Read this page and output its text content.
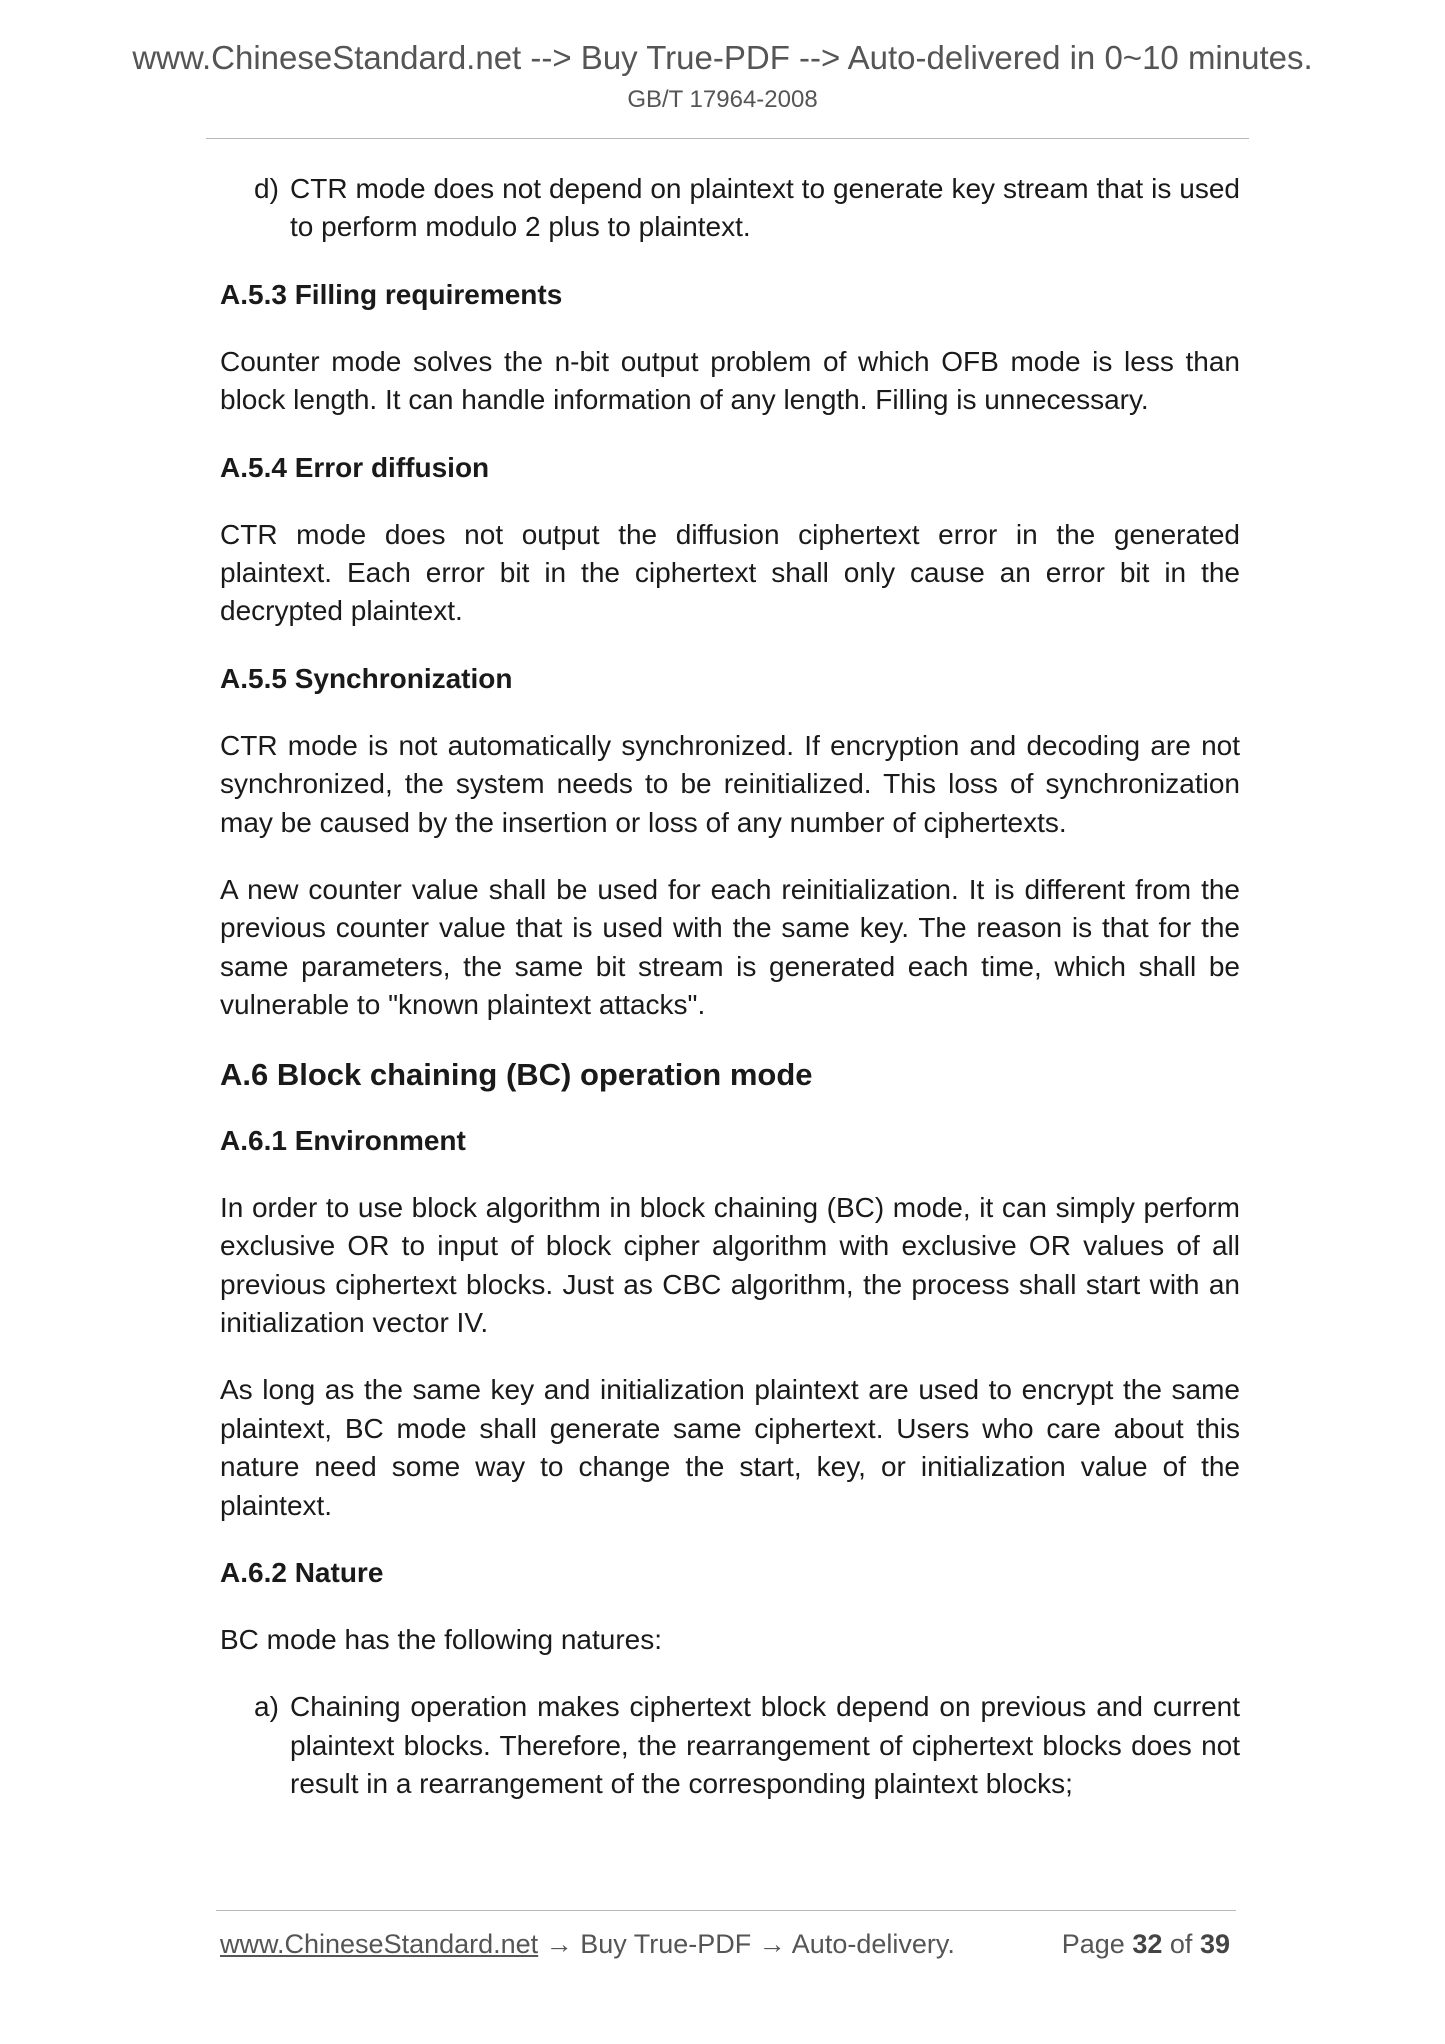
www.ChineseStandard.net --> Buy True-PDF --> Auto-delivered in 0~10 minutes.
GB/T 17964-2008
d) CTR mode does not depend on plaintext to generate key stream that is used to perform modulo 2 plus to plaintext.
A.5.3 Filling requirements
Counter mode solves the n-bit output problem of which OFB mode is less than block length. It can handle information of any length. Filling is unnecessary.
A.5.4 Error diffusion
CTR mode does not output the diffusion ciphertext error in the generated plaintext. Each error bit in the ciphertext shall only cause an error bit in the decrypted plaintext.
A.5.5 Synchronization
CTR mode is not automatically synchronized. If encryption and decoding are not synchronized, the system needs to be reinitialized. This loss of synchronization may be caused by the insertion or loss of any number of ciphertexts.
A new counter value shall be used for each reinitialization. It is different from the previous counter value that is used with the same key. The reason is that for the same parameters, the same bit stream is generated each time, which shall be vulnerable to "known plaintext attacks".
A.6 Block chaining (BC) operation mode
A.6.1 Environment
In order to use block algorithm in block chaining (BC) mode, it can simply perform exclusive OR to input of block cipher algorithm with exclusive OR values of all previous ciphertext blocks. Just as CBC algorithm, the process shall start with an initialization vector IV.
As long as the same key and initialization plaintext are used to encrypt the same plaintext, BC mode shall generate same ciphertext. Users who care about this nature need some way to change the start, key, or initialization value of the plaintext.
A.6.2 Nature
BC mode has the following natures:
a) Chaining operation makes ciphertext block depend on previous and current plaintext blocks. Therefore, the rearrangement of ciphertext blocks does not result in a rearrangement of the corresponding plaintext blocks;
www.ChineseStandard.net → Buy True-PDF → Auto-delivery.	Page 32 of 39
